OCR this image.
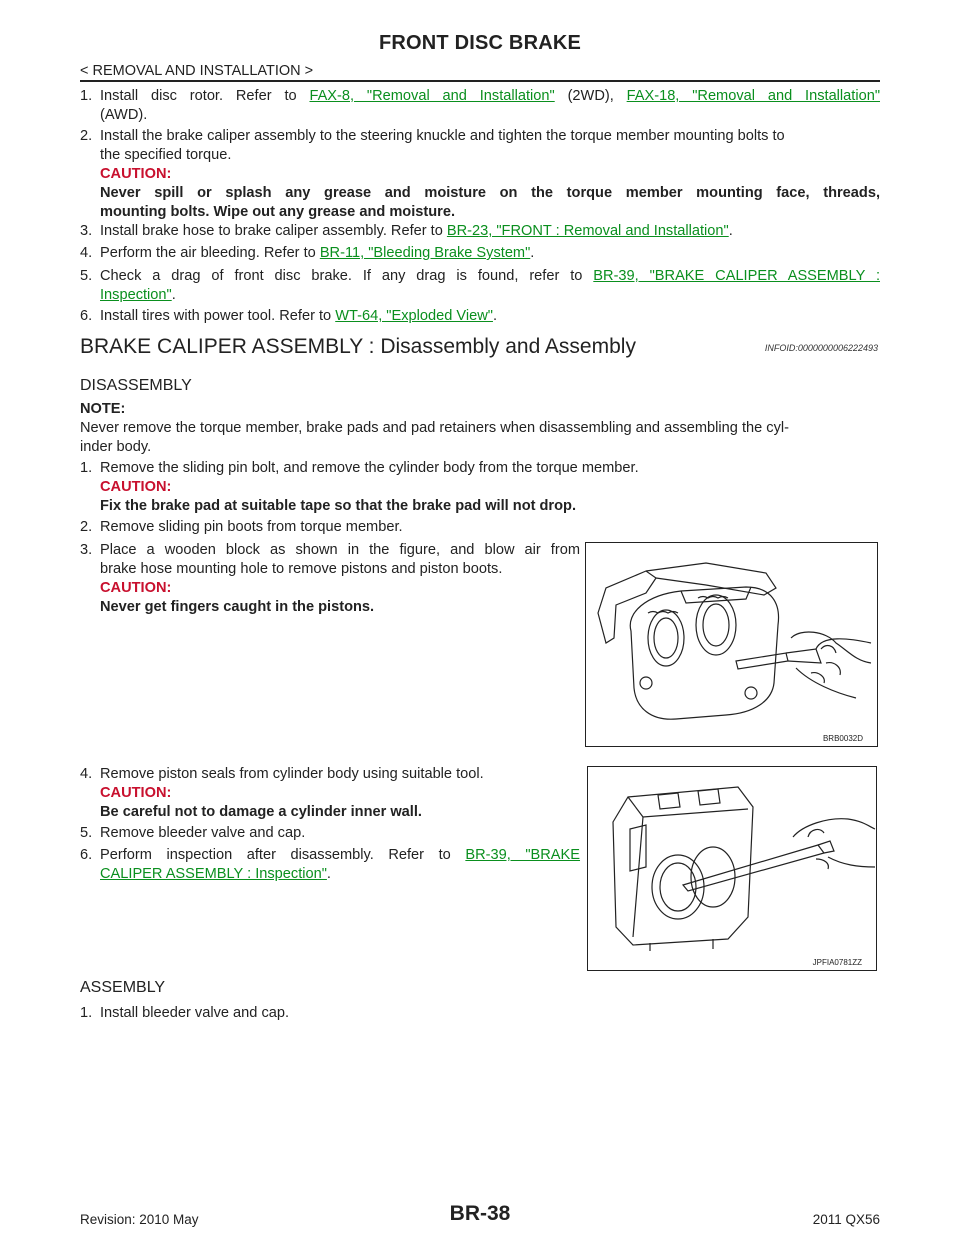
FRONT DISC BRAKE
< REMOVAL AND INSTALLATION >
1. Install disc rotor. Refer to FAX-8, "Removal and Installation" (2WD), FAX-18, "Removal and Installation"
(AWD).
2. Install the brake caliper assembly to the steering knuckle and tighten the torque member mounting bolts to
the specified torque.
CAUTION:
Never spill or splash any grease and moisture on the torque member mounting face, threads,
mounting bolts. Wipe out any grease and moisture.
3. Install brake hose to brake caliper assembly. Refer to BR-23, "FRONT : Removal and Installation".
4. Perform the air bleeding. Refer to BR-11, "Bleeding Brake System".
5. Check a drag of front disc brake. If any drag is found, refer to BR-39, "BRAKE CALIPER ASSEMBLY :
Inspection".
6. Install tires with power tool. Refer to WT-64, "Exploded View".
BRAKE CALIPER ASSEMBLY : Disassembly and Assembly	INFOID:0000000006222493
DISASSEMBLY
NOTE:
Never remove the torque member, brake pads and pad retainers when disassembling and assembling the cyl-
inder body.
1. Remove the sliding pin bolt, and remove the cylinder body from the torque member.
CAUTION:
Fix the brake pad at suitable tape so that the brake pad will not drop.
2. Remove sliding pin boots from torque member.
3. Place a wooden block as shown in the figure, and blow air from
brake hose mounting hole to remove pistons and piston boots.
CAUTION:
Never get fingers caught in the pistons.
BRB0032D
4. Remove piston seals from cylinder body using suitable tool.
CAUTION:
Be careful not to damage a cylinder inner wall.
5. Remove bleeder valve and cap.
6. Perform inspection after disassembly. Refer to BR-39, "BRAKE
CALIPER ASSEMBLY : Inspection".
JPFIA0781ZZ
ASSEMBLY
1. Install bleeder valve and cap.
Revision: 2010 May	BR-38	2011 QX56
